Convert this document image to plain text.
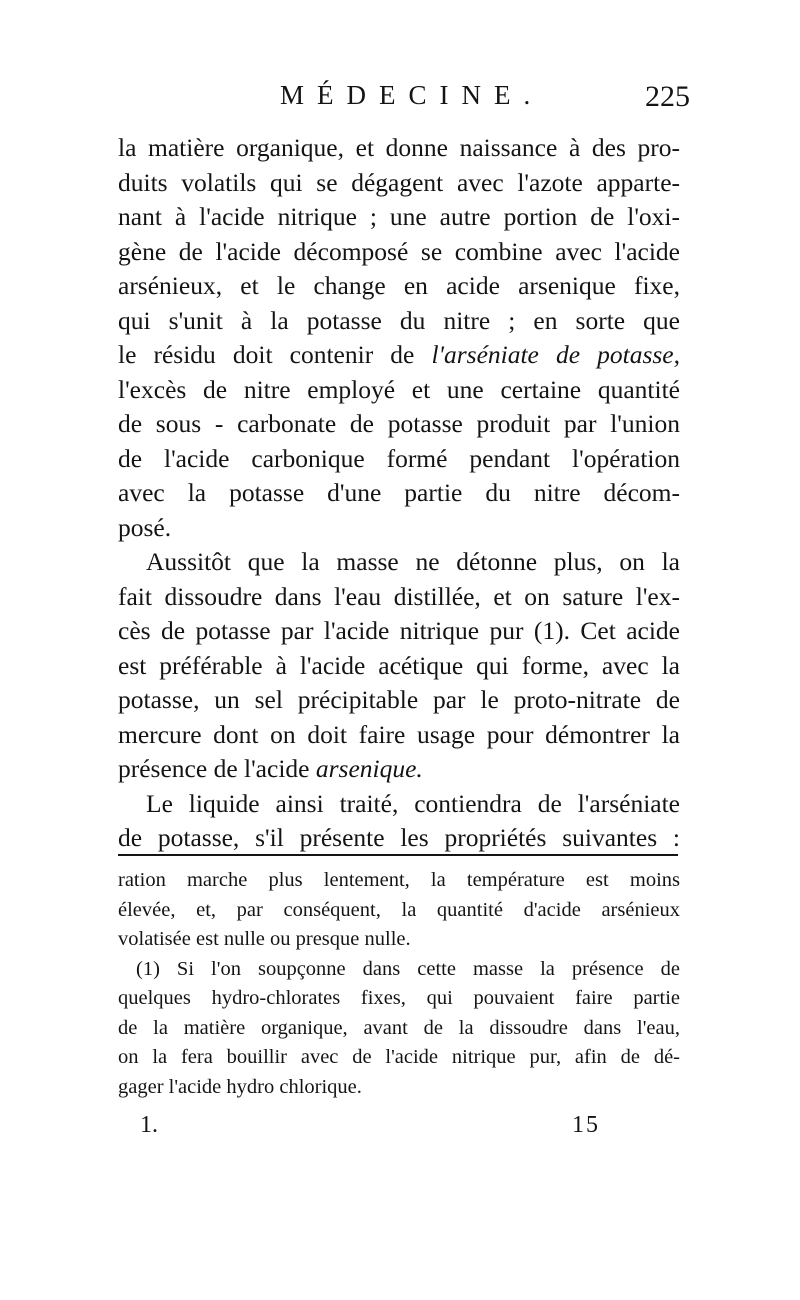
MÉDECINE.	225
la matière organique, et donne naissance à des pro-
duits volatils qui se dégagent avec l'azote apparte-
nant à l'acide nitrique ; une autre portion de l'oxi-
gène de l'acide décomposé se combine avec l'acide
arsénieux, et le change en acide arsenique fixe,
qui s'unit à la potasse du nitre ; en sorte que
le résidu doit contenir de l'arséniate de potasse,
l'excès de nitre employé et une certaine quantité
de sous - carbonate de potasse produit par l'union
de l'acide carbonique formé pendant l'opération
avec la potasse d'une partie du nitre décom-
posé.
Aussitôt que la masse ne détonne plus, on la
fait dissoudre dans l'eau distillée, et on sature l'ex-
cès de potasse par l'acide nitrique pur (1). Cet acide
est préférable à l'acide acétique qui forme, avec la
potasse, un sel précipitable par le proto-nitrate de
mercure dont on doit faire usage pour démontrer la
présence de l'acide arsenique.
Le liquide ainsi traité, contiendra de l'arséniate
de potasse, s'il présente les propriétés suivantes :
ration marche plus lentement, la température est moins
élevée, et, par conséquent, la quantité d'acide arsénieux
volatisée est nulle ou presque nulle.
(1) Si l'on soupçonne dans cette masse la présence de
quelques hydro-chlorates fixes, qui pouvaient faire partie
de la matière organique, avant de la dissoudre dans l'eau,
on la fera bouillir avec de l'acide nitrique pur, afin de dé-
gager l'acide hydro chlorique.
1.	15
